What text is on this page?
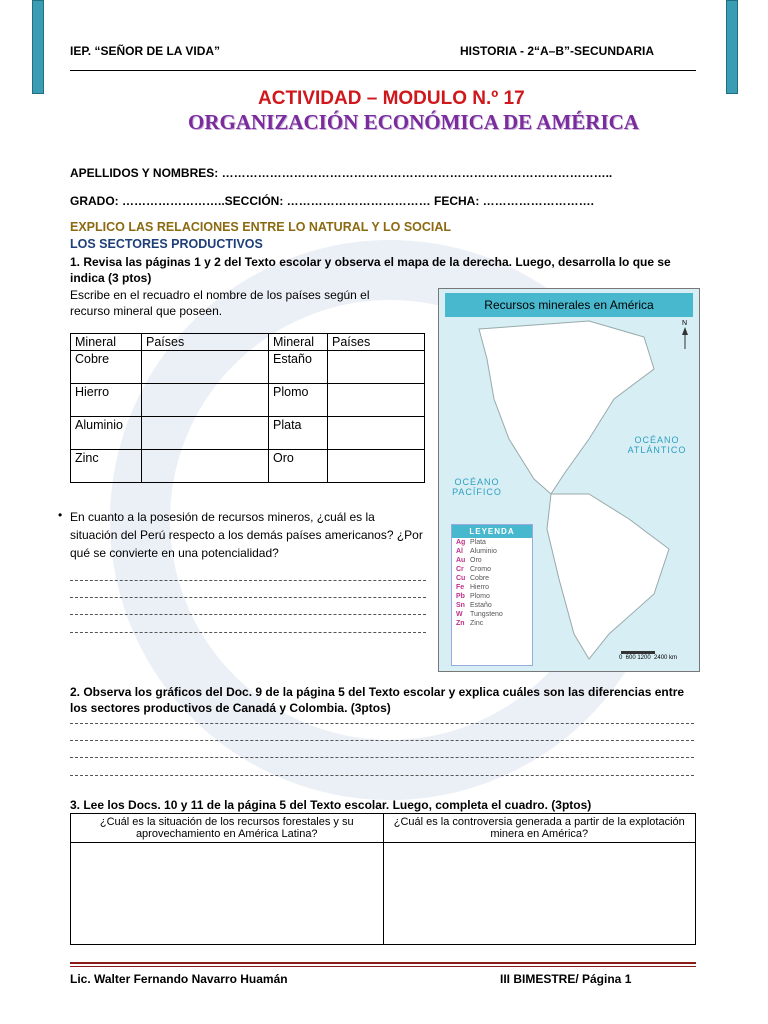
IEP. “SEÑOR DE LA VIDA”	HISTORIA - 2“A–B”-SECUNDARIA
ACTIVIDAD – MODULO N.º 17
ORGANIZACIÓN ECONÓMICA DE AMÉRICA
APELLIDOS Y NOMBRES: ……………………………………………………………………………………..
GRADO: ……………………..SECCIÓN: ……………………………… FECHA: ……………………….
EXPLICO LAS RELACIONES ENTRE LO NATURAL Y LO SOCIAL
LOS SECTORES PRODUCTIVOS
1. Revisa las páginas 1 y 2 del Texto escolar y observa el mapa de la derecha. Luego, desarrolla lo que se indica (3 ptos)
Escribe en el recuadro el nombre de los países según el recurso mineral que poseen.
Mineral	Países	Mineral	Países
Cobre		Estaño	
Hierro		Plomo	
Aluminio		Plata	
Zinc		Oro	
• En cuanto a la posesión de recursos mineros, ¿cuál es la situación del Perú respecto a los demás países americanos? ¿Por qué se convierte en una potencialidad?
Recursos minerales en América
N
OCÉANO ATLÁNTICO
OCÉANO PACÍFICO
LEYENDA
Ag Plata
Al Aluminio
Au Oro
Cr Cromo
Cu Cobre
Fe Hierro
Pb Plomo
Sn Estaño
W Tungsteno
Zn Zinc
0  600 1200  2400 km
2. Observa los gráficos del Doc. 9 de la página 5 del Texto escolar y explica cuáles son las diferencias entre los sectores productivos de Canadá y Colombia. (3ptos)
3. Lee los Docs. 10 y 11 de la página 5 del Texto escolar. Luego, completa el cuadro. (3ptos)
¿Cuál es la situación de los recursos forestales y su aprovechamiento en América Latina?	¿Cuál es la controversia generada a partir de la explotación minera en América?

Lic. Walter Fernando Navarro Huamán	III BIMESTRE/ Página 1
